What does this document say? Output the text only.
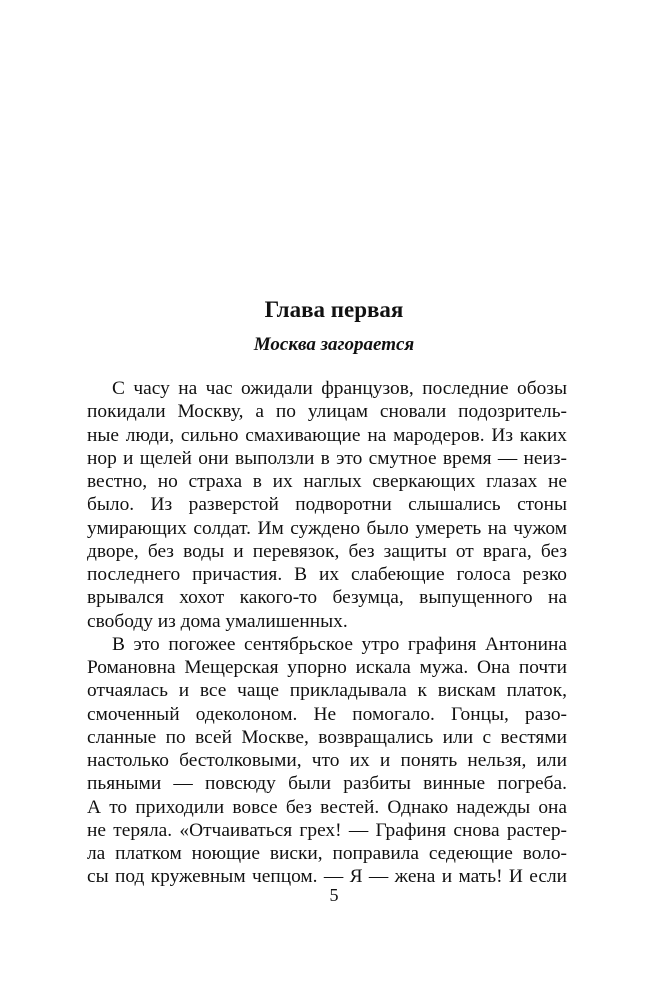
Глава первая
Москва загорается
С часу на час ожидали французов, последние обозы
покидали Москву, а по улицам сновали подозритель-
ные люди, сильно смахивающие на мародеров. Из каких
нор и щелей они выползли в это смутное время — неиз-
вестно, но страха в их наглых сверкающих глазах не
было. Из разверстой подворотни слышались стоны
умирающих солдат. Им суждено было умереть на чужом
дворе, без воды и перевязок, без защиты от врага, без
последнего причастия. В их слабеющие голоса резко
врывался хохот какого-то безумца, выпущенного на
свободу из дома умалишенных.
В это погожее сентябрьское утро графиня Антонина
Романовна Мещерская упорно искала мужа. Она почти
отчаялась и все чаще прикладывала к вискам платок,
смоченный одеколоном. Не помогало. Гонцы, разо-
сланные по всей Москве, возвращались или с вестями
настолько бестолковыми, что их и понять нельзя, или
пьяными — повсюду были разбиты винные погреба.
А то приходили вовсе без вестей. Однако надежды она
не теряла. «Отчаиваться грех! — Графиня снова растер-
ла платком ноющие виски, поправила седеющие воло-
сы под кружевным чепцом. — Я — жена и мать! И если
5
